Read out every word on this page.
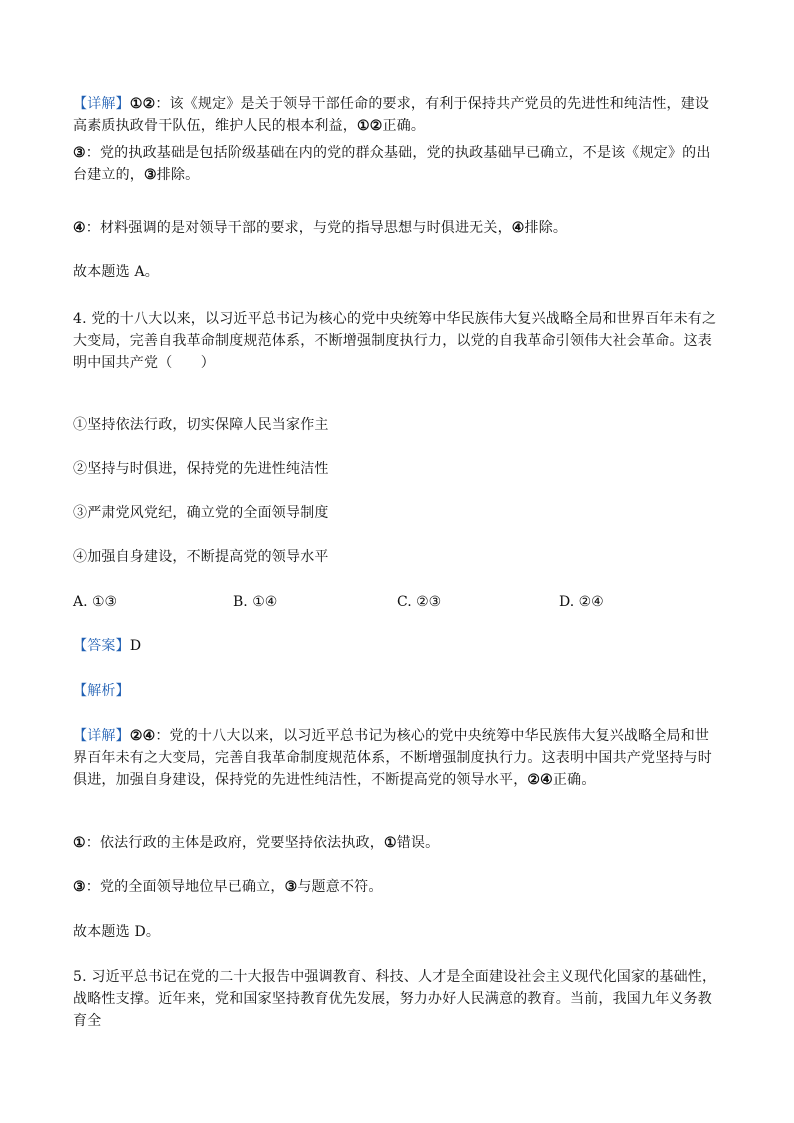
【详解】①②：该《规定》是关于领导干部任命的要求，有利于保持共产党员的先进性和纯洁性，建设高素质执政骨干队伍，维护人民的根本利益，①②正确。
③：党的执政基础是包括阶级基础在内的党的群众基础，党的执政基础早已确立，不是该《规定》的出台建立的，③排除。
④：材料强调的是对领导干部的要求，与党的指导思想与时俱进无关，④排除。
故本题选 A。
4. 党的十八大以来，以习近平总书记为核心的党中央统筹中华民族伟大复兴战略全局和世界百年未有之大变局，完善自我革命制度规范体系，不断增强制度执行力，以党的自我革命引领伟大社会革命。这表明中国共产党（　　）
①坚持依法行政，切实保障人民当家作主
②坚持与时俱进，保持党的先进性纯洁性
③严肃党风党纪，确立党的全面领导制度
④加强自身建设，不断提高党的领导水平
A. ①③	B. ①④	C. ②③	D. ②④
【答案】D
【解析】
【详解】②④：党的十八大以来，以习近平总书记为核心的党中央统筹中华民族伟大复兴战略全局和世界百年未有之大变局，完善自我革命制度规范体系，不断增强制度执行力。这表明中国共产党坚持与时俱进，加强自身建设，保持党的先进性纯洁性，不断提高党的领导水平，②④正确。
①：依法行政的主体是政府，党要坚持依法执政，①错误。
③：党的全面领导地位早已确立，③与题意不符。
故本题选 D。
5. 习近平总书记在党的二十大报告中强调教育、科技、人才是全面建设社会主义现代化国家的基础性，战略性支撑。近年来，党和国家坚持教育优先发展，努力办好人民满意的教育。当前，我国九年义务教育全
